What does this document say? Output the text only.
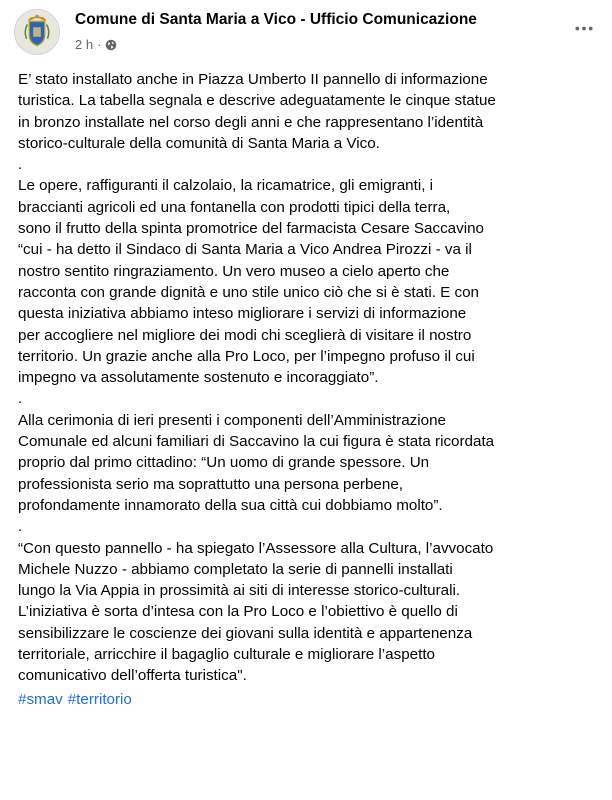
Comune di Santa Maria a Vico - Ufficio Comunicazione
2 h ·

E’ stato installato anche in Piazza Umberto II pannello di informazione
turistica. La tabella segnala e descrive adeguatamente le cinque statue
in bronzo installate nel corso degli anni e che rappresentano l’identità
storico-culturale della comunità di Santa Maria a Vico.

.

Le opere, raffiguranti il calzolaio, la ricamatrice, gli emigranti, i
braccianti agricoli ed una fontanella con prodotti tipici della terra,
sono il frutto della spinta promotrice del farmacista Cesare Saccavino
“cui - ha detto il Sindaco di Santa Maria a Vico Andrea Pirozzi - va il
nostro sentito ringraziamento. Un vero museo a cielo aperto che
racconta con grande dignità e uno stile unico ciò che si è stati. E con
questa iniziativa abbiamo inteso migliorare i servizi di informazione
per accogliere nel migliore dei modi chi sceglierà di visitare il nostro
territorio. Un grazie anche alla Pro Loco, per l’impegno profuso il cui
impegno va assolutamente sostenuto e incoraggiato”.

.

Alla cerimonia di ieri presenti i componenti dell’Amministrazione
Comunale ed alcuni familiari di Saccavino la cui figura è stata ricordata
proprio dal primo cittadino: “Un uomo di grande spessore. Un
professionista serio ma soprattutto una persona perbene,
profondamente innamorato della sua città cui dobbiamo molto”.

.

“Con questo pannello - ha spiegato l’Assessore alla Cultura, l’avvocato
Michele Nuzzo - abbiamo completato la serie di pannelli installati
lungo la Via Appia in prossimità ai siti di interesse storico-culturali.
L’iniziativa è sorta d’intesa con la Pro Loco e l’obiettivo è quello di
sensibilizzare le coscienze dei giovani sulla identità e appartenenza
territoriale, arricchire il bagaglio culturale e migliorare l’aspetto
comunicativo dell’offerta turistica".

#smav #territorio
